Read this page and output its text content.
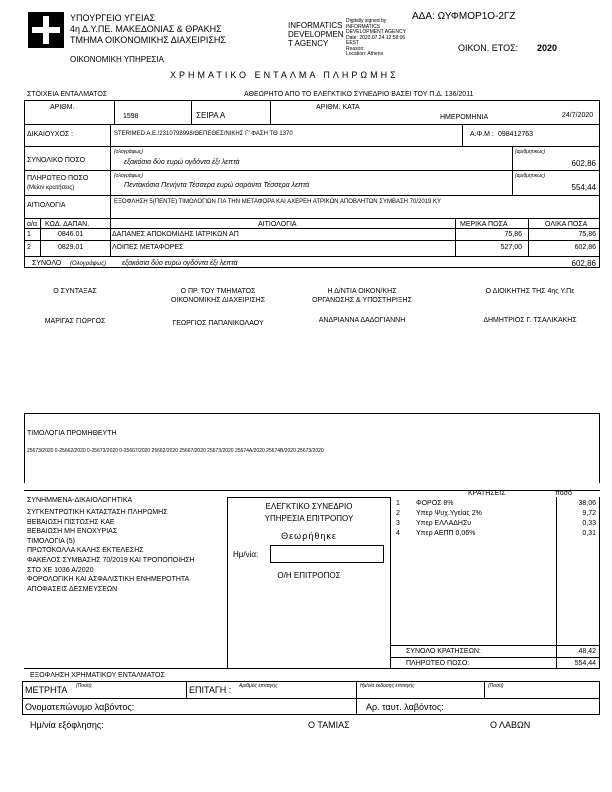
ΥΠΟΥΡΓΕΙΟ ΥΓΕΙΑΣ
4η Δ.Υ.ΠΕ. ΜΑΚΕΔΟΝΙΑΣ & ΘΡΑΚΗΣ
ΤΜΗΜΑ ΟΙΚΟΝΟΜΙΚΗΣ ΔΙΑΧΕΙΡΙΣΗΣ
ΟΙΚΟΝΟΜΙΚΗ ΥΠΗΡΕΣΙΑ
INFORMATICS DEVELOPMEN T AGENCY
Digitally signed by
INFORMATICS
DEVELOPMENT AGENCY
Date: 2020.07.24 12:58:06
EEST
Reason:
Location: Athens
ΑΔΑ: ΩΥΦΜΟΡ1Ο-2ΓΖ
ΟΙΚΟΝ. ΕΤΟΣ: 2020
ΧΡΗΜΑΤΙΚΟ ΕΝΤΑΛΜΑ ΠΛΗΡΩΜΗΣ
ΣΤΟΙΧΕΙΑ ΕΝΤΑΛΜΑΤΟΣ	ΑΘΕΩΡΗΤΟ ΑΠΟ ΤΟ ΕΛΕΓΚΤΙΚΟ ΣΥΝΕΔΡΙΟ ΒΑΣΕΙ ΤΟΥ Π.Δ. 136/2011
ΑΡΙΘΜ.
1598	ΣΕΙΡΑ Α
ΑΡΙΘΜ. ΚΑΤΑ
ΗΜΕΡΟΜΗΝΙΑ	24/7/2020
ΔΙΚΑΙΟΥΧΟΣ :	STERIMED A.E./2310798998/ΘΕΠΕΘΕΣ/ΝΙΚΗΣ Γ' ΦΑΣΗ ΤΘ 1370	Α.Φ.Μ : 098412763
ΣΥΝΟΛΙΚΟ ΠΟΣΟ
(ολογράφως)
εξακόσια δύο ευρώ ογδόντα έξι λεπτά
(αριθμητικώς)
602,86
ΠΛΗΡΩΤΕΟ ΠΟΣΟ
(Μείον κρατήσεις)
(ολογράφως)
Πεντακόσια Πενήντα Τέσσερα ευρώ σαράντα Τέσσερα λεπτά
(αριθμητικώς)
554,44
ΑΙΤΙΟΛΟΓΙΑ	ΕΞΟΦΛΗΣΗ 5(ΠΕΝΤΕ) ΤΙΜΟΛΟΓΙΩΝ ΓΙΑ ΤΗΝ ΜΕΤΑΦΟΡΑ ΚΑΙ ΑΧΕΡΕΗ ΑΤΡΙΚΩΝ ΑΠΟΒΛΗΤΩΝ ΣΥΜΒΑΣΗ 70/2019 ΚΥ
α/α ΚΩΔ. ΔΑΠΑΝ.	ΑΙΤΙΟΛΟΓΙΑ	ΜΕΡΙΚΑ ΠΟΣΑ	ΟΛΙΚΑ ΠΟΣΑ
1	0846.01	ΔΑΠΑΝΕΣ ΑΠΟΚΟΜΙΔΗΣ ΙΑΤΡΙΚΩΝ ΑΠ	75,86	75,86
2	0829.01	ΛΟΙΠΕΣ ΜΕΤΑΦΟΡΕΣ	527,00	602,86
ΣΥΝΟΛΟ (Ολογράφως) εξακόσια δύο ευρώ ογδόντα έξι λεπτά	602,86
Ο ΣΥΝΤΑΞΑΣ
ΜΑΡΙΓΑΣ ΓΙΩΡΓΟΣ
Ο ΠΡ. ΤΟΥ ΤΜΗΜΑΤΟΣ
ΟΙΚΟΝΟΜΙΚΗΣ ΔΙΑΧΕΙΡΙΣΗΣ
ΓΕΩΡΓΙΟΣ ΠΑΠΑΝΙΚΟΛΑΟΥ
Η Δ/ΝΤΙΑ ΟΙΚΟΝ/ΚΗΣ
ΟΡΓΑΝΩΣΗΣ & ΥΠΟΣΤΗΡΙΞΗΣ
ΑΝΔΡΙΑΝΝΑ ΔΑΔΟΓΙΑΝΝΗ
Ο ΔΙΟΙΚΗΤΗΣ ΤΗΣ 4ης Υ.Πε
ΔΗΜΗΤΡΙΟΣ Γ. ΤΣΑΛΙΚΑΚΗΣ
ΤΙΜΟΛΟΓΙΑ ΠΡΟΜΗΘΕΥΤΗ
25673/2020 0-25662/2020 0-25673/2020 0-25667/2020 25662/2020 25667/2020 25673/2020 25674A/2020 25674B/2020 25673/2020
ΣΥΝΗΜΜΕΝΑ-ΔΙΚΑΙΟΛΟΓΗΤΙΚΑ
ΣΥΓΚΕΝΤΡΩΤΙΚΗ ΚΑΤΑΣΤΑΣΗ ΠΛΗΡΩΜΗΣ
ΒΕΒΑΙΩΣΗ ΠΙΣΤΩΣΗΣ ΚΑΕ
ΒΕΒΑΙΩΣΗ ΜΗ ΕΝΟΧΥΡΙΑΣ
ΤΙΜΟΛΟΓΙΑ (5)
ΠΡΩΤΟΚΟΛΛΑ ΚΑΛΗΣ ΕΚΤΕΛΕΣΗΣ
ΦΑΚΕΛΟΣ ΣΥΜΒΑΣΗΣ 70/2019 ΚΑΙ ΤΡΟΠΟΠΟΙΗΣΗ
ΣΤΟ ΧΕ 1036 Α/2020
ΦΟΡΟΛΟΓΙΚΗ ΚΑΙ ΑΣΦΑΛΙΣΤΙΚΗ ΕΝΗΜΕΡΟΤΗΤΑ
ΑΠΟΦΑΣΕΙΣ ΔΕΣΜΕΥΣΕΩΝ
ΕΛΕΓΚΤΙΚΟ ΣΥΝΕΔΡΙΟ
ΥΠΗΡΕΣΙΑ ΕΠΙΤΡΟΠΟΥ
Θεωρήθηκε
Ημ/νία:
Ο/Η ΕΠΙΤΡΟΠΟΣ
ΚΡΑΤΗΣΕΙΣ	ποσό
1 ΦΟΡΟΣ 8%	38,06
2 Υπερ Ψυχ.Υγείας 2%	9,72
3 Υπερ ΕΛΛΑΔΗΣυ	0,33
4 Υπερ ΑΕΠΠ 0,06%	0,31
ΣΥΝΟΛΟ ΚΡΑΤΗΣΕΩΝ:	48,42
ΠΛΗΡΩΤΕΟ ΠΟΣΟ:	554,44
ΕΞΟΦΛΗΣΗ ΧΡΗΜΑΤΙΚΟΥ ΕΝΤΑΛΜΑΤΟΣ
ΜΕΤΡΗΤΑ (Ποσό)	ΕΠΙΤΑΓΗ : Αριθμός επιταγής	Ημ/νία έκδοσης επιταγής	(Ποσό)
Ονοματεπώνυμο λαβόντος:	Αρ. ταυτ. λαβόντος:
Ημ/νία εξόφλησης:	Ο ΤΑΜΙΑΣ	Ο ΛΑΒΩΝ
